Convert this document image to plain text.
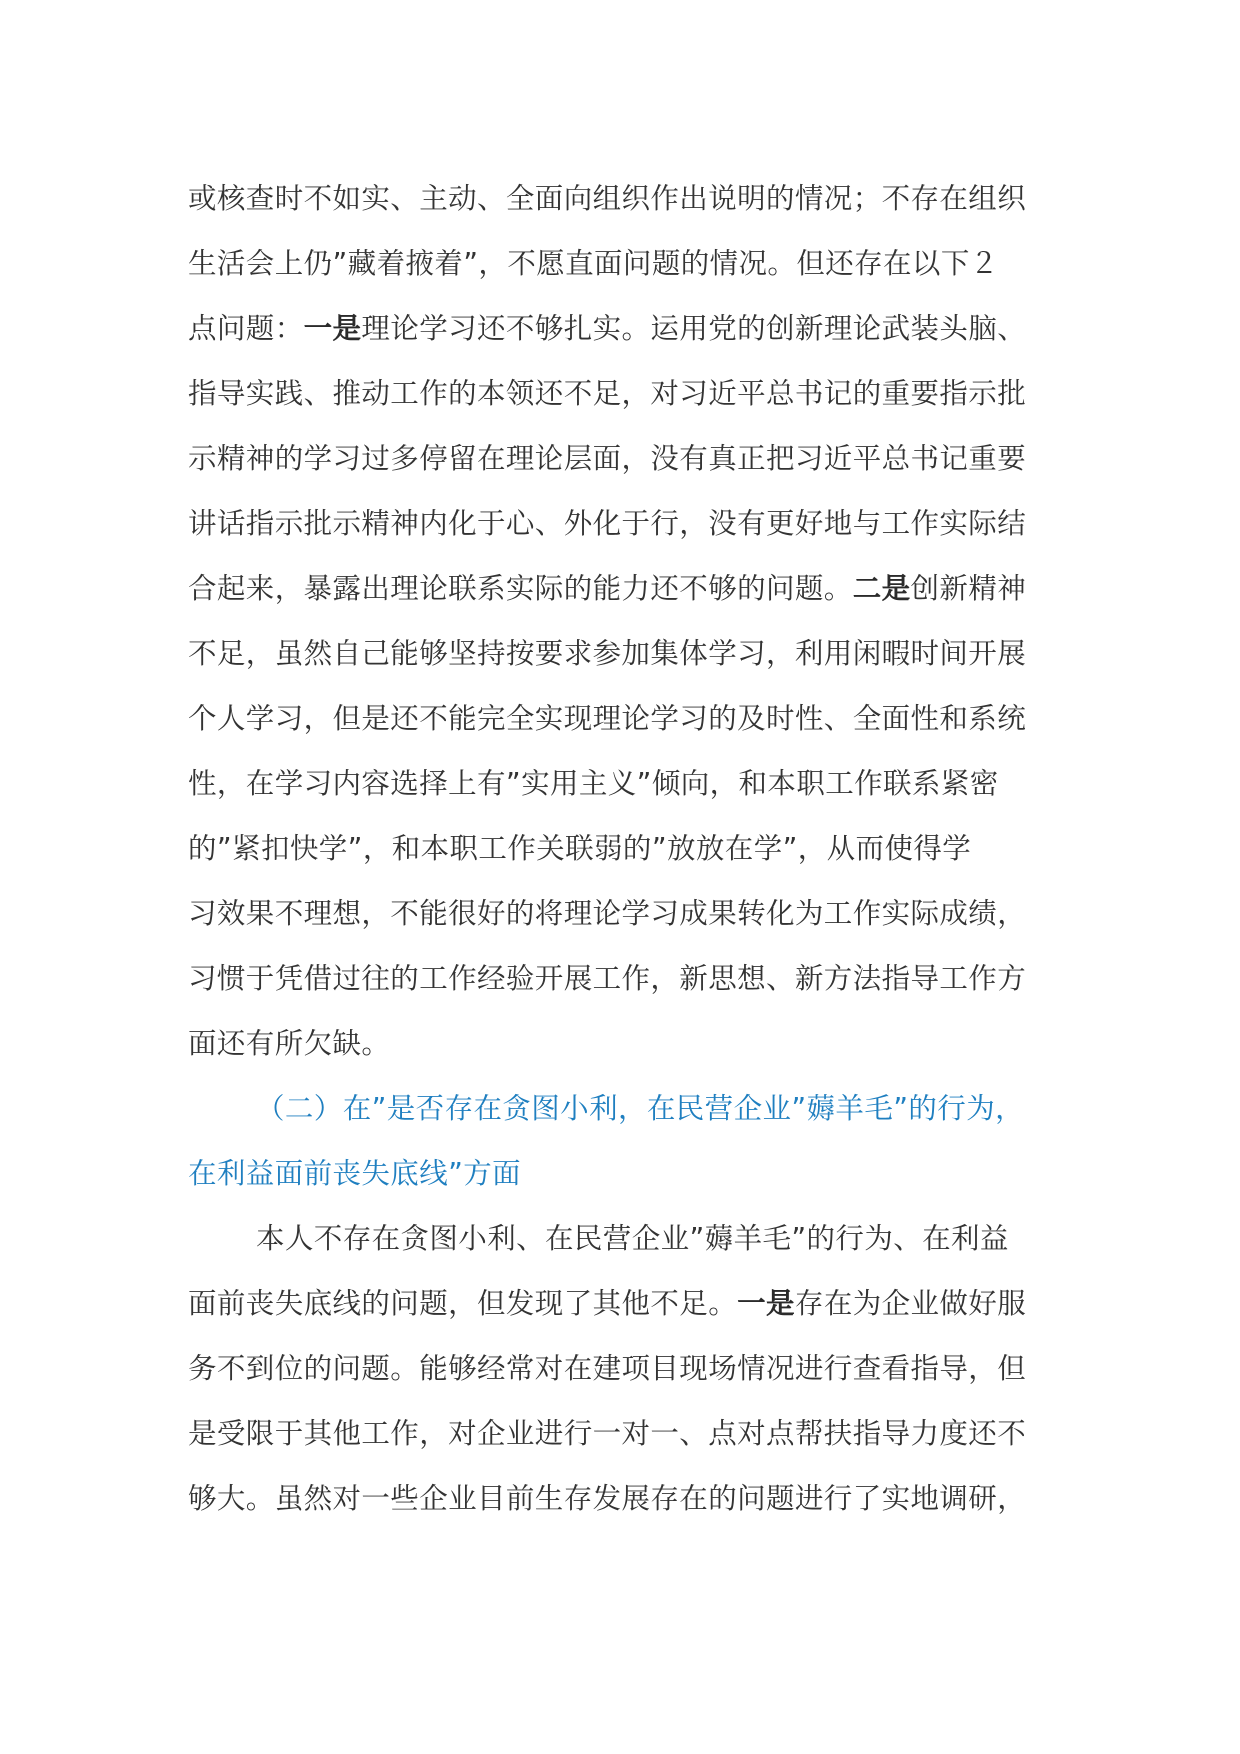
或核查时不如实、主动、全面向组织作出说明的情况；不存在组织
生活会上仍”藏着掖着”，不愿直面问题的情况。但还存在以下２
点问题：一是理论学习还不够扎实。运用党的创新理论武装头脑、
指导实践、推动工作的本领还不足，对习近平总书记的重要指示批
示精神的学习过多停留在理论层面，没有真正把习近平总书记重要
讲话指示批示精神内化于心、外化于行，没有更好地与工作实际结
合起来，暴露出理论联系实际的能力还不够的问题。二是创新精神
不足，虽然自己能够坚持按要求参加集体学习，利用闲暇时间开展
个人学习，但是还不能完全实现理论学习的及时性、全面性和系统
性，在学习内容选择上有”实用主义”倾向，和本职工作联系紧密
的”紧扣快学”，和本职工作关联弱的”放放在学”，从而使得学
习效果不理想，不能很好的将理论学习成果转化为工作实际成绩，
习惯于凭借过往的工作经验开展工作，新思想、新方法指导工作方
面还有所欠缺。
（二）在”是否存在贪图小利，在民营企业”薅羊毛”的行为，
在利益面前丧失底线”方面
本人不存在贪图小利、在民营企业”薅羊毛”的行为、在利益
面前丧失底线的问题，但发现了其他不足。一是存在为企业做好服
务不到位的问题。能够经常对在建项目现场情况进行查看指导，但
是受限于其他工作，对企业进行一对一、点对点帮扶指导力度还不
够大。虽然对一些企业目前生存发展存在的问题进行了实地调研，
